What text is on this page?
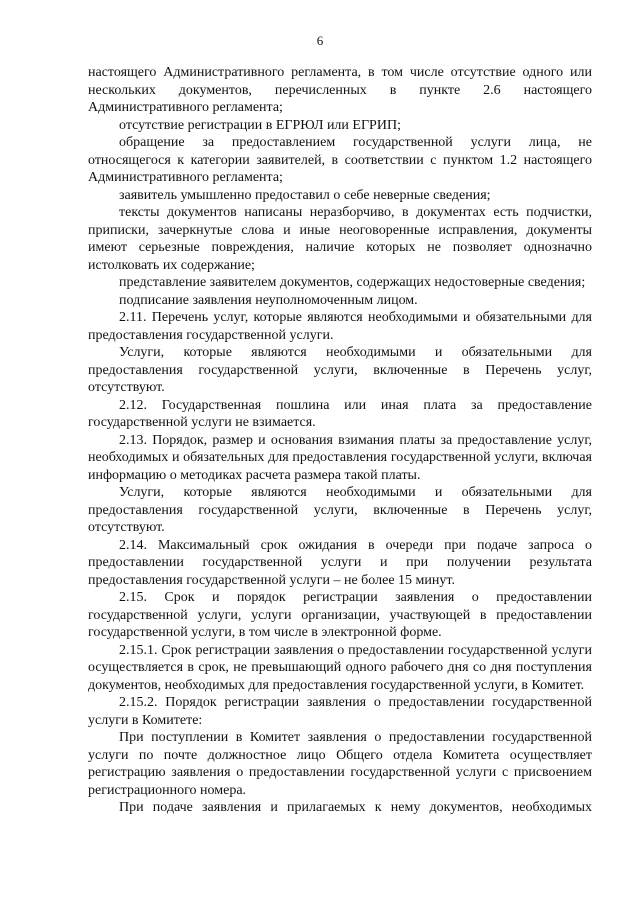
6

настоящего Административного регламента, в том числе отсутствие одного или нескольких документов, перечисленных в пункте 2.6 настоящего Административного регламента;

отсутствие регистрации в ЕГРЮЛ или ЕГРИП;

обращение за предоставлением государственной услуги лица, не относящегося к категории заявителей, в соответствии с пунктом 1.2 настоящего Административного регламента;

заявитель умышленно предоставил о себе неверные сведения;

тексты документов написаны неразборчиво, в документах есть подчистки, приписки, зачеркнутые слова и иные неоговоренные исправления, документы имеют серьезные повреждения, наличие которых не позволяет однозначно истолковать их содержание;

представление заявителем документов, содержащих недостоверные сведения;

подписание заявления неуполномоченным лицом.

2.11. Перечень услуг, которые являются необходимыми и обязательными для предоставления государственной услуги.

Услуги, которые являются необходимыми и обязательными для предоставления государственной услуги, включенные в Перечень услуг, отсутствуют.

2.12. Государственная пошлина или иная плата за предоставление государственной услуги не взимается.

2.13. Порядок, размер и основания взимания платы за предоставление услуг, необходимых и обязательных для предоставления государственной услуги, включая информацию о методиках расчета размера такой платы.

Услуги, которые являются необходимыми и обязательными для предоставления государственной услуги, включенные в Перечень услуг, отсутствуют.

2.14. Максимальный срок ожидания в очереди при подаче запроса о предоставлении государственной услуги и при получении результата предоставления государственной услуги – не более 15 минут.

2.15. Срок и порядок регистрации заявления о предоставлении государственной услуги, услуги организации, участвующей в предоставлении государственной услуги, в том числе в электронной форме.

2.15.1. Срок регистрации заявления о предоставлении государственной услуги осуществляется в срок, не превышающий одного рабочего дня со дня поступления документов, необходимых для предоставления государственной услуги, в Комитет.

2.15.2. Порядок регистрации заявления о предоставлении государственной услуги в Комитете:

При поступлении в Комитет заявления о предоставлении государственной услуги по почте должностное лицо Общего отдела Комитета осуществляет регистрацию заявления о предоставлении государственной услуги с присвоением регистрационного номера.

При подаче заявления и прилагаемых к нему документов, необходимых
